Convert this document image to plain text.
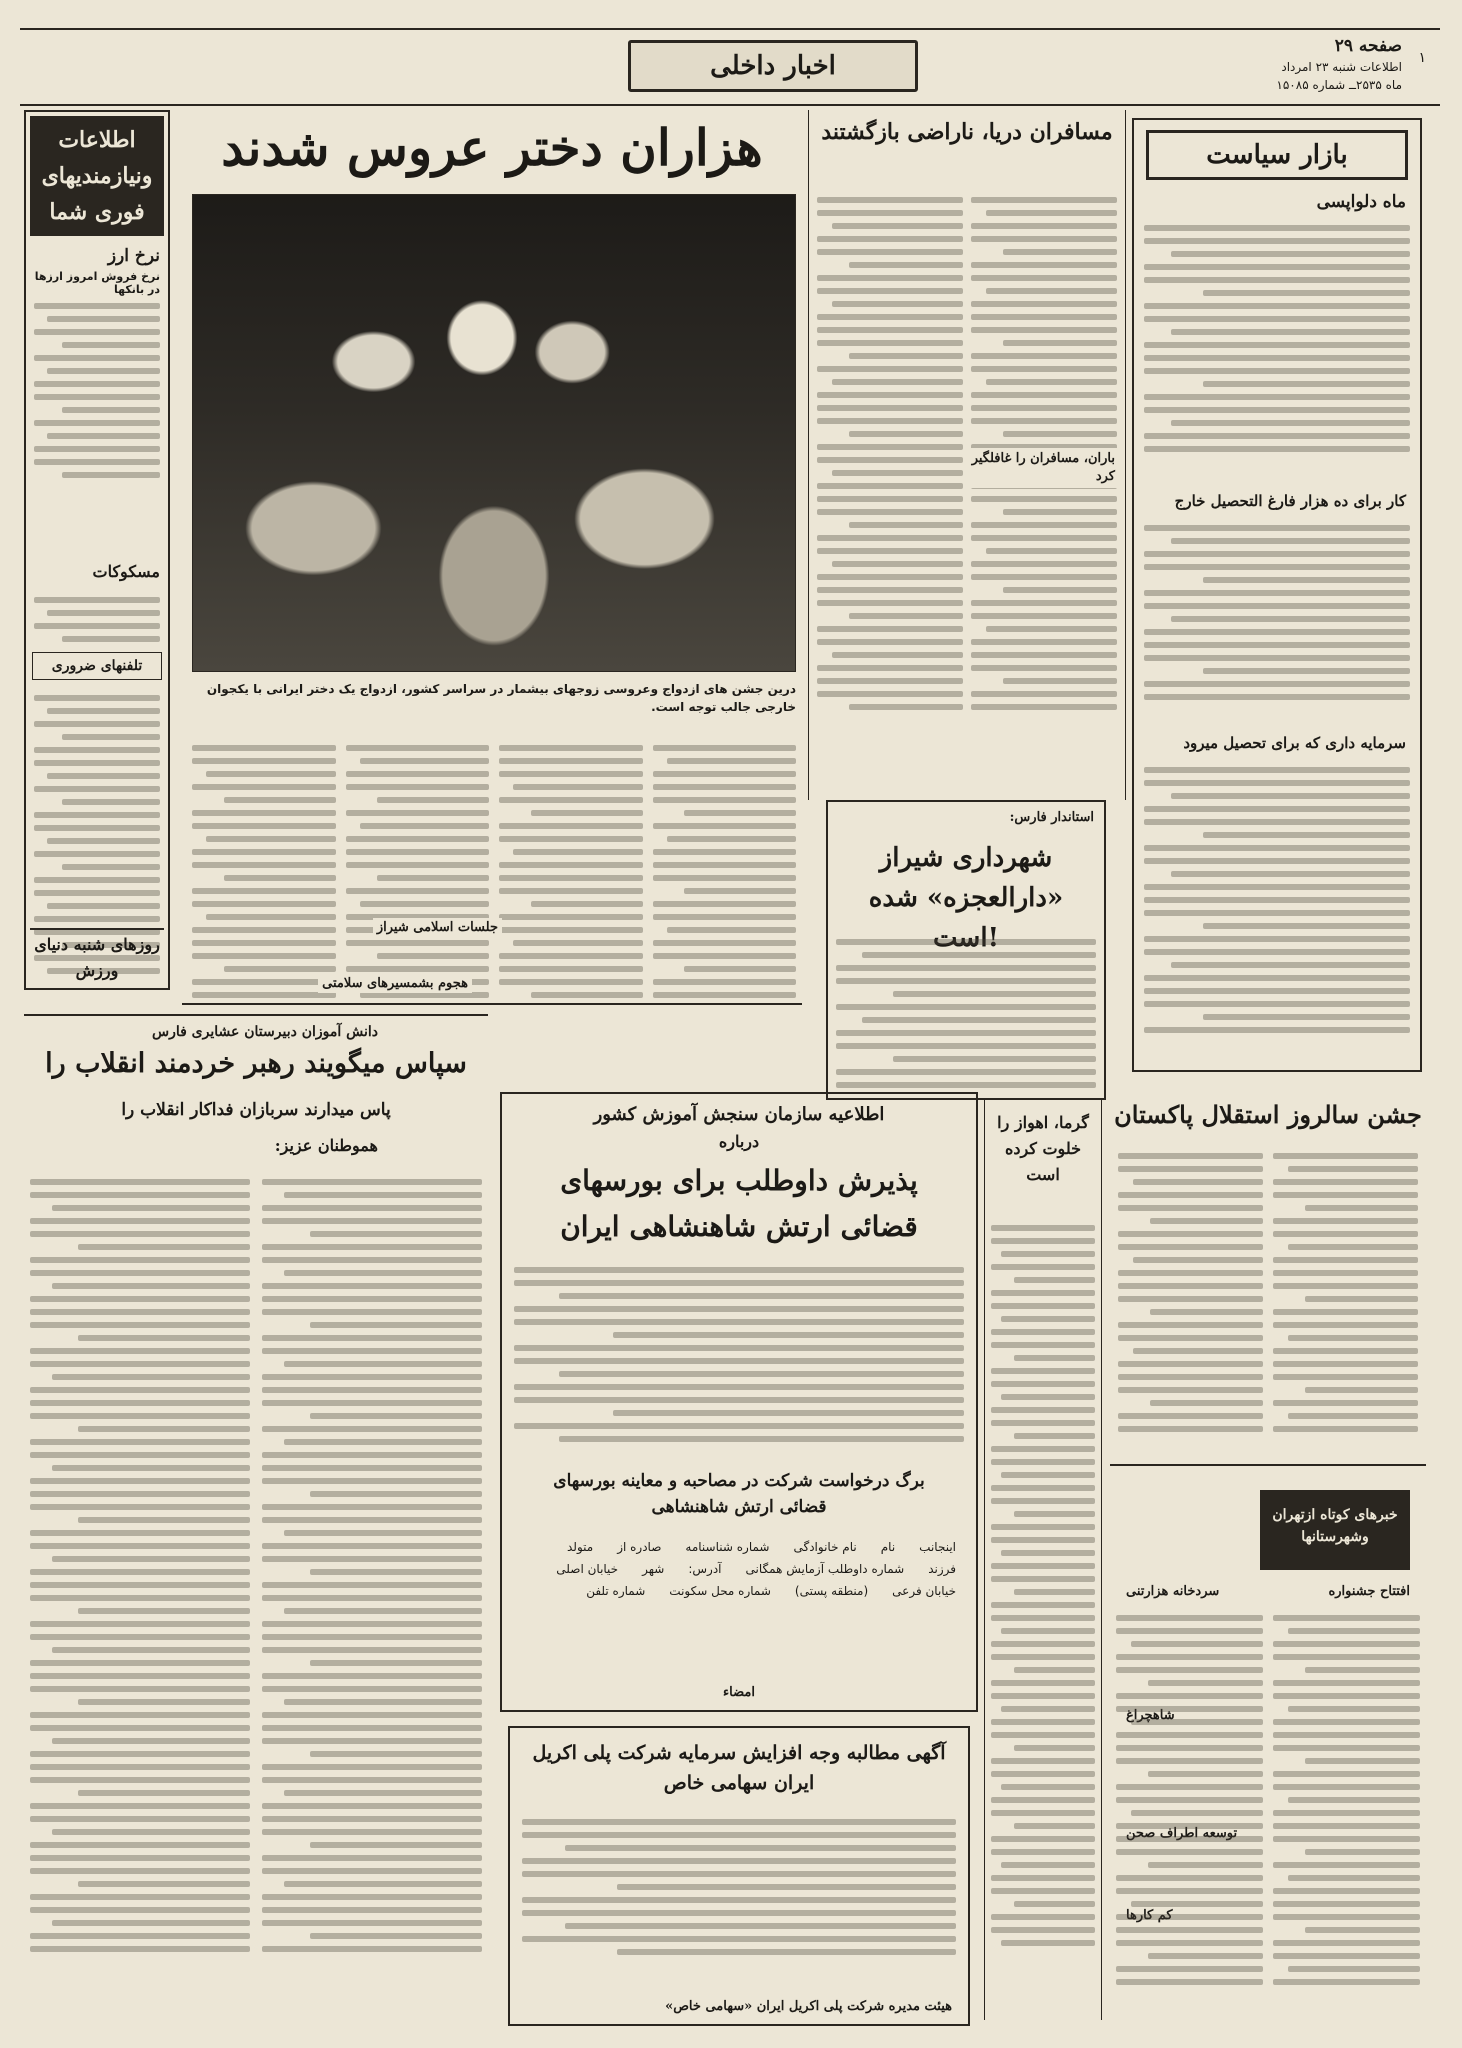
صفحه ۲۹
اطلاعات شنبه ۲۳ امرداد
ماه ۲۵۳۵ــ شماره ۱۵۰۸۵
۱
اخبار داخلی
اطلاعات ونیازمندیهای فوری شما
نرخ ارز
نرخ فروش امروز ارزها در بانکها
مسکوکات
تلفنهای ضروری
روزهای شنبه دنیای ورزش
هزاران دختر عروس شدند
درین جشن های ازدواج وعروسی زوجهای بیشمار در سراسر کشور، ازدواج یک دختر ایرانی با یکجوان خارجی جالب توجه است.
جلسات اسلامی شیراز
هجوم بشمسیرهای سلامتی
مسافران دریا، ناراضی بازگشتند
باران، مسافران را غافلگیر کرد
استاندار فارس:
شهرداری شیراز «دارالعجزه» شده است!
بازار سیاست
ماه دلواپسی
کار برای ده هزار فارغ التحصیل خارج
سرمایه داری که برای تحصیل میرود
دانش آموزان دبیرستان عشایری فارس
سپاس میگویند رهبر خردمند انقلاب را
پاس میدارند سربازان فداکار انقلاب را
هموطنان عزیز:
اطلاعیه سازمان سنجش آموزش کشور
درباره
پذیرش داوطلب برای بورسهای قضائی ارتش شاهنشاهی ایران
برگ درخواست شرکت در مصاحبه و معاینه بورسهای قضائی ارتش شاهنشاهی
اینجانب
نام
نام خانوادگی
شماره شناسنامه
صادره از
متولد
فرزند
شماره داوطلب آزمایش همگانی
آدرس:
شهر
خیابان اصلی
خیابان فرعی
(منطقه پستی)
شماره محل سکونت
شماره تلفن
امضاء
آگهی مطالبه وجه افزایش سرمایه شرکت پلی اکریل ایران سهامی خاص
هیئت مدیره شرکت پلی اکریل ایران «سهامی خاص»
گرما، اهواز را خلوت کرده است
جشن سالروز استقلال پاکستان
خبرهای کوتاه ازتهران وشهرستانها
افتتاح جشنواره
سردخانه هزارتنی
شاهچراغ
توسعه اطراف صحن
کم کارها
